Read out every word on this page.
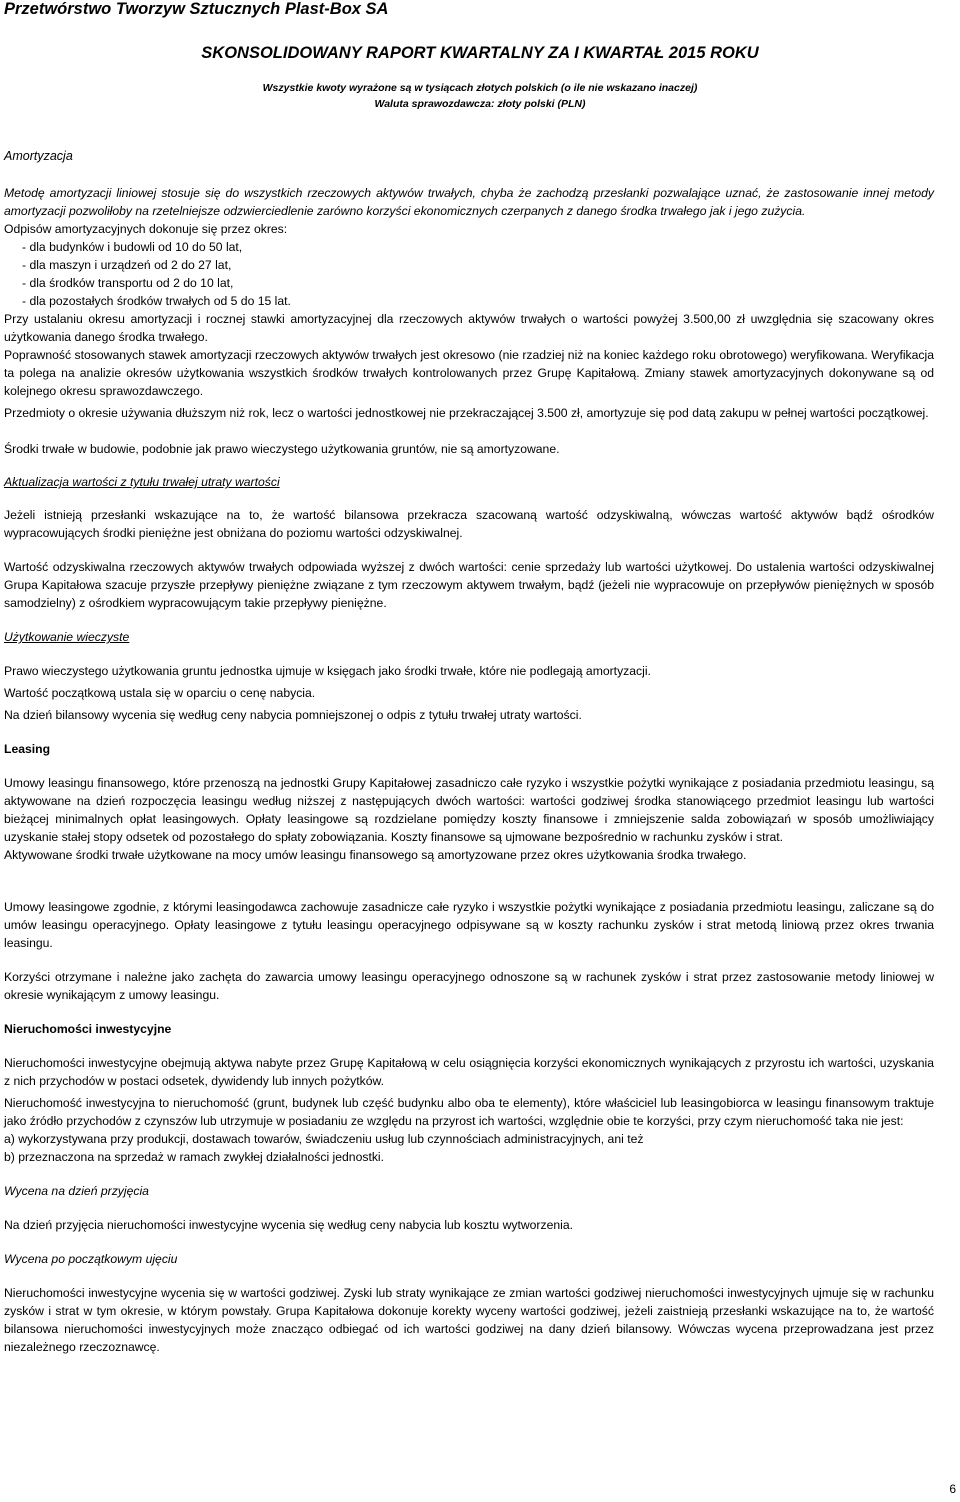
Przetwórstwo Tworzyw Sztucznych Plast-Box SA
SKONSOLIDOWANY RAPORT KWARTALNY ZA I KWARTAŁ 2015 ROKU
Wszystkie kwoty wyrażone są w tysiącach złotych polskich (o ile nie wskazano inaczej)
Waluta sprawozdawcza: złoty polski (PLN)
Amortyzacja

Metodę amortyzacji liniowej stosuje się do wszystkich rzeczowych aktywów trwałych, chyba że zachodzą przesłanki pozwalające uznać, że zastosowanie innej metody amortyzacji pozwoliłoby na rzetelniejsze odzwierciedlenie zarówno korzyści ekonomicznych czerpanych z danego środka trwałego jak i jego zużycia.

Odpisów amortyzacyjnych dokonuje się przez okres:

- dla budynków i budowli od 10 do 50 lat,
- dla maszyn i urządzeń od 2 do 27 lat,
- dla środków transportu od 2 do 10 lat,
- dla pozostałych środków trwałych od 5 do 15 lat.

Przy ustalaniu okresu amortyzacji i rocznej stawki amortyzacyjnej dla rzeczowych aktywów trwałych o wartości powyżej 3.500,00 zł uwzględnia się szacowany okres użytkowania danego środka trwałego.

Poprawność stosowanych stawek amortyzacji rzeczowych aktywów trwałych jest okresowo (nie rzadziej niż na koniec każdego roku obrotowego) weryfikowana. Weryfikacja ta polega na analizie okresów użytkowania wszystkich środków trwałych kontrolowanych przez Grupę Kapitałową. Zmiany stawek amortyzacyjnych dokonywane są od kolejnego okresu sprawozdawczego.

Przedmioty o okresie używania dłuższym niż rok, lecz o wartości jednostkowej nie przekraczającej 3.500 zł, amortyzuje się pod datą zakupu w pełnej wartości początkowej.

Środki trwałe w budowie, podobnie jak prawo wieczystego użytkowania gruntów, nie są amortyzowane.

Aktualizacja wartości z tytułu trwałej utraty wartości

Jeżeli istnieją przesłanki wskazujące na to, że wartość bilansowa przekracza szacowaną wartość odzyskiwalną, wówczas wartość aktywów bądź ośrodków wypracowujących środki pieniężne jest obniżana do poziomu wartości odzyskiwalnej.

Wartość odzyskiwalna rzeczowych aktywów trwałych odpowiada wyższej z dwóch wartości: cenie sprzedaży lub wartości użytkowej. Do ustalenia wartości odzyskiwalnej Grupa Kapitałowa szacuje przyszłe przepływy pieniężne związane z tym rzeczowym aktywem trwałym, bądź (jeżeli nie wypracowuje on przepływów pieniężnych w sposób samodzielny) z ośrodkiem wypracowującym takie przepływy pieniężne.

Użytkowanie wieczyste

Prawo wieczystego użytkowania gruntu jednostka ujmuje w księgach jako środki trwałe, które nie podlegają amortyzacji.

Wartość początkową ustala się w oparciu o cenę nabycia.

Na dzień bilansowy wycenia się według ceny nabycia pomniejszonej o odpis z tytułu trwałej utraty wartości.

Leasing

Umowy leasingu finansowego, które przenoszą na jednostki Grupy Kapitałowej zasadniczo całe ryzyko i wszystkie pożytki wynikające z posiadania przedmiotu leasingu, są aktywowane na dzień rozpoczęcia leasingu według niższej z następujących dwóch wartości: wartości godziwej środka stanowiącego przedmiot leasingu lub wartości bieżącej minimalnych opłat leasingowych. Opłaty leasingowe są rozdzielane pomiędzy koszty finansowe i zmniejszenie salda zobowiązań w sposób umożliwiający uzyskanie stałej stopy odsetek od pozostałego do spłaty zobowiązania. Koszty finansowe są ujmowane bezpośrednio w rachunku zysków i strat.

Aktywowane środki trwałe użytkowane na mocy umów leasingu finansowego są amortyzowane przez okres użytkowania środka trwałego.

Umowy leasingowe zgodnie, z którymi leasingodawca zachowuje zasadnicze całe ryzyko i wszystkie pożytki wynikające z posiadania przedmiotu leasingu, zaliczane są do umów leasingu operacyjnego. Opłaty leasingowe z tytułu leasingu operacyjnego odpisywane są w koszty rachunku zysków i strat metodą liniową przez okres trwania leasingu.

Korzyści otrzymane i należne jako zachęta do zawarcia umowy leasingu operacyjnego odnoszone są w rachunek zysków i strat przez zastosowanie metody liniowej w okresie wynikającym z umowy leasingu.

Nieruchomości inwestycyjne

Nieruchomości inwestycyjne obejmują aktywa nabyte przez Grupę Kapitałową w celu osiągnięcia korzyści ekonomicznych wynikających z przyrostu ich wartości, uzyskania z nich przychodów w postaci odsetek, dywidendy lub innych pożytków.

Nieruchomość inwestycyjna to nieruchomość (grunt, budynek lub część budynku albo oba te elementy), które właściciel lub leasingobiorca w leasingu finansowym traktuje jako źródło przychodów z czynszów lub utrzymuje w posiadaniu ze względu na przyrost ich wartości, względnie obie te korzyści, przy czym nieruchomość taka nie jest:

a) wykorzystywana przy produkcji, dostawach towarów, świadczeniu usług lub czynnościach administracyjnych, ani też
b) przeznaczona na sprzedaż w ramach zwykłej działalności jednostki.
Wycena na dzień przyjęcia

Na dzień przyjęcia nieruchomości inwestycyjne wycenia się według ceny nabycia lub kosztu wytworzenia.

Wycena po początkowym ujęciu

Nieruchomości inwestycyjne wycenia się w wartości godziwej. Zyski lub straty wynikające ze zmian wartości godziwej nieruchomości inwestycyjnych ujmuje się w rachunku zysków i strat w tym okresie, w którym powstały. Grupa Kapitałowa dokonuje korekty wyceny wartości godziwej, jeżeli zaistnieją przesłanki wskazujące na to, że wartość bilansowa nieruchomości inwestycyjnych może znacząco odbiegać od ich wartości godziwej na dany dzień bilansowy. Wówczas wycena przeprowadzana jest przez niezależnego rzeczoznawcę.

6
